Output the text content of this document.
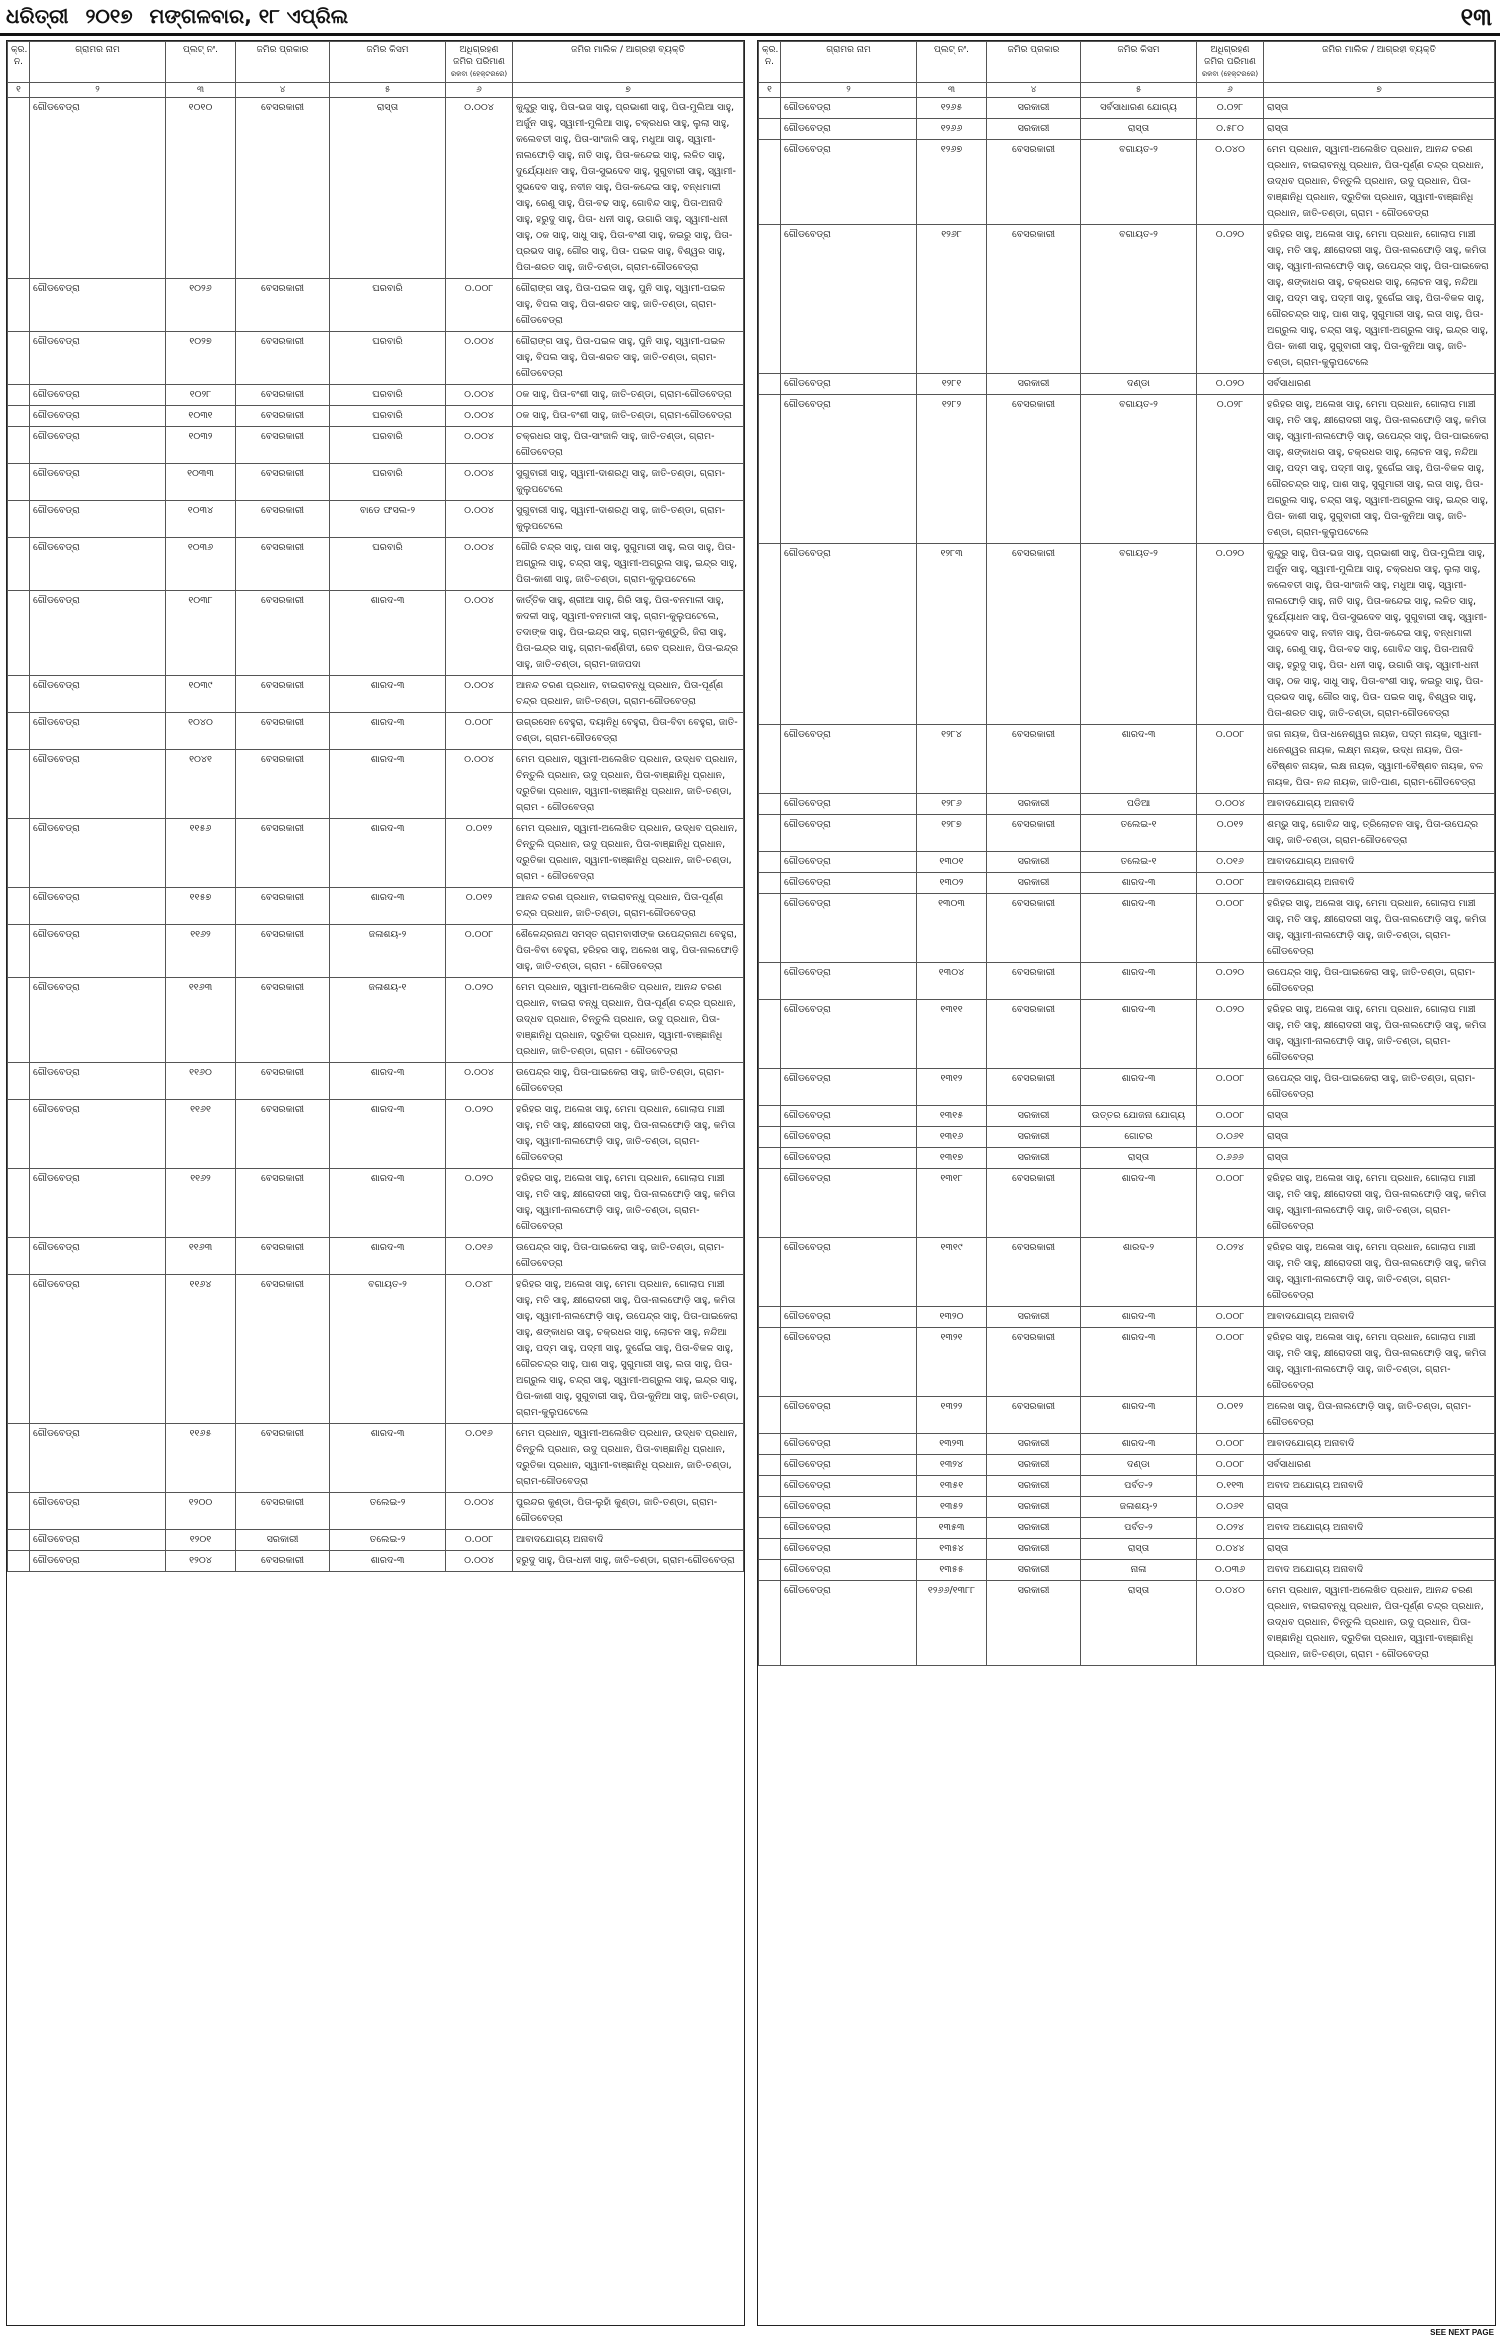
ଧରିତ୍ରୀ ୨୦୧୭ ମଙ୍ଗଳବାର, ୧୮ ଏପ୍ରିଲ	୧୩
କ୍ର. ନ.	ଗ୍ରାମର ନାମ	ପ୍ଲଟ୍ ନଂ.	ଜମିର ପ୍ରକାର	ଜମିର କିସମ	ଅଧିଗ୍ରହଣ ଜମିର ପରିମାଣ
ରକବା (ହେକ୍ଟରରେ)	ଜମିର ମାଲିକ / ଆଗ୍ରହୀ ବ୍ୟକ୍ତି
୧	୨	୩	୪	୫	୬	୭
	ଗୌଡବେଡ୍ରା	୧୦୧୦	ବେସରକାରୀ	ରାସ୍ତା	୦.୦୦୪	କୁନ୍ଦୁରୁ ସାହୁ, ପିତା-ଭଜ ସାହୁ, ପ୍ରଭାଶୀ ସାହୁ, ପିତା-ମୁଲିଆ ସାହୁ, ଅର୍ଜୁନ ସାହୁ, ସ୍ୱାମୀ-ମୁଲିଆ ସାହୁ, ଚକ୍ରଧର ସାହୁ, ଲୁଲା ସାହୁ, କଲେବତୀ ସାହୁ, ପିତା-ସାଂଜାଳି ସାହୁ, ମଧୁଆ ସାହୁ, ସ୍ୱାମୀ-ନାଲଫୋଡ଼ି ସାହୁ, ନାତି ସାହୁ, ପିତା-କନ୍ଦେଇ ସାହୁ, ଲଳିତ ସାହୁ, ଦୁର୍ଯ୍ୟୋଧନ ସାହୁ, ପିତା-ସୁଭଦେବ ସାହୁ, ସୁଗୁବାରୀ ସାହୁ, ସ୍ୱାମୀ-ସୁଭଦେବ ସାହୁ, ନବୀନ ସାହୁ, ପିତା-କନ୍ଦେଇ ସାହୁ, ବନ୍ଧମାଳୀ ସାହୁ, ରେଣୁ ସାହୁ, ପିତା-ବଢ ସାହୁ, ଗୋବିନ୍ଦ ସାହୁ, ପିତା-ଅନାଦି ସାହୁ, ହରୁଦୁ ସାହୁ, ପିତା- ଧନୀ ସାହୁ, ଉଗାରି ସାହୁ, ସ୍ୱାମୀ-ଧନୀ ସାହୁ, ଠକ ସାହୁ, ସାଧୁ ସାହୁ, ପିତା-ବଂଶୀ ସାହୁ, କଇରୁ ସାହୁ, ପିତା-ପ୍ରଭଦ ସାହୁ, ଗୌର ସାହୁ, ପିତା- ପଇଳ ସାହୁ, ବିଶ୍ୱର ସାହୁ, ପିତା-ଶରତ ସାହୁ, ଜାତି-ତଣ୍ଡା, ଗ୍ରାମ-ଗୌଡବେଡ୍ରା
	ଗୌଡବେଡ୍ରା	୧୦୨୬	ବେସରକାରୀ	ଘରବାରି	୦.୦୦୮	ଗୌରାଙ୍ଗ ସାହୁ, ପିତା-ପଇଳ ସାହୁ, ପୁନି ସାହୁ, ସ୍ୱାମୀ-ପଇଳ ସାହୁ, ବିପଲ ସାହୁ, ପିତା-ଶରତ ସାହୁ, ଜାତି-ତଣ୍ଡା, ଗ୍ରାମ-ଗୌଡବେଡ୍ରା
	ଗୌଡବେଡ୍ରା	୧୦୨୭	ବେସରକାରୀ	ଘରବାରି	୦.୦୦୪	ଗୌରାଙ୍ଗ ସାହୁ, ପିତା-ପଇଳ ସାହୁ, ପୁନି ସାହୁ, ସ୍ୱାମୀ-ପଇଳ ସାହୁ, ବିପଲ ସାହୁ, ପିତା-ଶରତ ସାହୁ, ଜାତି-ତଣ୍ଡା, ଗ୍ରାମ-ଗୌଡବେଡ୍ରା
	ଗୌଡବେଡ୍ରା	୧୦୨୮	ବେସରକାରୀ	ଘରବାରି	୦.୦୦୪	ଠକ ସାହୁ, ପିତା-ବଂଶୀ ସାହୁ, ଜାତି-ତଣ୍ଡା, ଗ୍ରାମ-ଗୌଡବେଡ୍ରା
	ଗୌଡବେଡ୍ରା	୧୦୩୧	ବେସରକାରୀ	ଘରବାରି	୦.୦୦୪	ଠକ ସାହୁ, ପିତା-ବଂଶୀ ସାହୁ, ଜାତି-ତଣ୍ଡା, ଗ୍ରାମ-ଗୌଡବେଡ୍ରା
	ଗୌଡବେଡ୍ରା	୧୦୩୨	ବେସରକାରୀ	ଘରବାରି	୦.୦୦୪	ଚକ୍ରଧର ସାହୁ, ପିତା-ସାଂଜାଳି ସାହୁ, ଜାତି-ତଣ୍ଡା, ଗ୍ରାମ-ଗୌଡବେଡ୍ରା
	ଗୌଡବେଡ୍ରା	୧୦୩୩	ବେସରକାରୀ	ଘରବାରି	୦.୦୦୪	ସୁଗୁବାରୀ ସାହୁ, ସ୍ୱାମୀ-ଦାଶରଥି ସାହୁ, ଜାତି-ତଣ୍ଡା, ଗ୍ରାମ- କୁଲୁପଟେଲେ
	ଗୌଡବେଡ୍ରା	୧୦୩୪	ବେସରକାରୀ	ବାଡେ ଫସଲ-୨	୦.୦୦୪	ସୁଗୁବାରୀ ସାହୁ, ସ୍ୱାମୀ-ଦାଶରଥି ସାହୁ, ଜାତି-ତଣ୍ଡା, ଗ୍ରାମ- କୁଲୁପଟେଲେ
	ଗୌଡବେଡ୍ରା	୧୦୩୬	ବେସରକାରୀ	ଘରବାରି	୦.୦୦୪	ଗୌରି ଚନ୍ଦ୍ର ସାହୁ, ପାଶ ସାହୁ, ସୁଗୁମାରୀ ସାହୁ, ଲତା ସାହୁ, ପିତା-ଅଗ୍ରୁଲ ସାହୁ, ଚନ୍ଦ୍ରା ସାହୁ, ସ୍ୱାମୀ-ଅଗ୍ରୁଲ ସାହୁ, ଇନ୍ଦ୍ର ସାହୁ, ପିତା-କାଶୀ ସାହୁ, ଜାତି-ତଣ୍ଡା, ଗ୍ରାମ-କୁଲୁପଟେଲେ
	ଗୌଡବେଡ୍ରା	୧୦୩୮	ବେସରକାରୀ	ଶାରଦ-୩	୦.୦୦୪	କାର୍ତ୍ତିକ ସାହୁ, ଶ୍ରୀଆ ସାହୁ, ଗିରି ସାହୁ, ପିତା-ବନମାଳୀ ସାହୁ, କଦଳୀ ସାହୁ, ସ୍ୱାମୀ-ବନମାଳୀ ସାହୁ, ଗ୍ରାମ-କୁଲୁପଟେଲେ, ତଦାଙ୍କ ସାହୁ, ପିତା-ଇନ୍ଦ୍ର ସାହୁ, ଗ୍ରାମ-କୁଣ୍ଡୁରି, ଜିରା ସାହୁ, ପିତା-ଇନ୍ଦ୍ର ସାହୁ, ଗ୍ରାମ-କର୍ଣ୍ଣିଦୀ, ରେବ ପ୍ରଧାନ, ପିତା-ଇନ୍ଦ୍ର ସାହୁ, ଜାତି-ତଣ୍ଡା, ଗ୍ରାମ-ଜାଜପଦା
	ଗୌଡବେଡ୍ରା	୧୦୩୯	ବେସରକାରୀ	ଶାରଦ-୩	୦.୦୦୪	ଆନନ୍ଦ ଚରଣ ପ୍ରଧାନ, ବାଇରାବନ୍ଧୁ ପ୍ରଧାନ, ପିତା-ପୂର୍ଣ୍ଣ ଚନ୍ଦ୍ର ପ୍ରଧାନ, ଜାତି-ତଣ୍ଡା, ଗ୍ରାମ-ଗୌଡବେଡ୍ରା
	ଗୌଡବେଡ୍ରା	୧୦୪୦	ବେସରକାରୀ	ଶାରଦ-୩	୦.୦୦୮	ଉଗ୍ରସେନ ବେହୁରା, ଦୟାନିଧି ବେହୁରା, ପିତା-ବିବା ବେହୁରା, ଜାତି-ତଣ୍ଡା, ଗ୍ରାମ-ଗୌଡବେଡ୍ରା
	ଗୌଡବେଡ୍ରା	୧୦୪୧	ବେସରକାରୀ	ଶାରଦ-୩	୦.୦୦୪	ମେମ ପ୍ରଧାନ, ସ୍ୱାମୀ-ଅଲେଖିତ ପ୍ରଧାନ, ଉଦ୍ଧବ ପ୍ରଧାନ, ଚିନ୍ତୁଲି ପ୍ରଧାନ, ଉଦୁ ପ୍ରଧାନ, ପିତା-ବାଞ୍ଛାନିଧି ପ୍ରଧାନ, ଦ୍ରୁତିକା ପ୍ରଧାନ, ସ୍ୱାମୀ-ବାଞ୍ଛାନିଧି ପ୍ରଧାନ, ଜାତି-ତଣ୍ଡା, ଗ୍ରାମ - ଗୌଡବେଡ୍ରା
	ଗୌଡବେଡ୍ରା	୧୧୫୬	ବେସରକାରୀ	ଶାରଦ-୩	୦.୦୧୨	ମେମ ପ୍ରଧାନ, ସ୍ୱାମୀ-ଅଲେଖିତ ପ୍ରଧାନ, ଉଦ୍ଧବ ପ୍ରଧାନ, ଚିନ୍ତୁଲି ପ୍ରଧାନ, ଉଦୁ ପ୍ରଧାନ, ପିତା-ବାଞ୍ଛାନିଧି ପ୍ରଧାନ, ଦ୍ରୁତିକା ପ୍ରଧାନ, ସ୍ୱାମୀ-ବାଞ୍ଛାନିଧି ପ୍ରଧାନ, ଜାତି-ତଣ୍ଡା, ଗ୍ରାମ - ଗୌଡବେଡ୍ରା
	ଗୌଡବେଡ୍ରା	୧୧୫୭	ବେସରକାରୀ	ଶାରଦ-୩	୦.୦୧୨	ଆନନ୍ଦ ଚରଣ ପ୍ରଧାନ, ବାଇରାବନ୍ଧୁ ପ୍ରଧାନ, ପିତା-ପୂର୍ଣ୍ଣ ଚନ୍ଦ୍ର ପ୍ରଧାନ, ଜାତି-ତଣ୍ଡା, ଗ୍ରାମ-ଗୌଡବେଡ୍ରା
	ଗୌଡବେଡ୍ରା	୧୧୬୨	ବେସରକାରୀ	ଜଳାଶୟ-୨	୦.୦୦୮	ଶୈଳେନ୍ଦ୍ରନାଥ ସମସ୍ତ ଗ୍ରାମବାସୀଙ୍କ ଉପେନ୍ଦ୍ରନାଥ ବେହୁରା, ପିତା-ବିବା ବେହୁରା, ହରିହର ସାହୁ, ଅଲେଖ ସାହୁ, ପିତା-ନାଲଫୋଡ଼ି ସାହୁ, ଜାତି-ତଣ୍ଡା, ଗ୍ରାମ - ଗୌଡବେଡ୍ରା
	ଗୌଡବେଡ୍ରା	୧୧୬୩	ବେସରକାରୀ	ଜଳାଶୟ-୧	୦.୦୨୦	ମେମ ପ୍ରଧାନ, ସ୍ୱାମୀ-ଅଲେଖିତ ପ୍ରଧାନ, ଆନନ୍ଦ ଚରଣ ପ୍ରଧାନ, ବାଇରା ବନ୍ଧୁ ପ୍ରଧାନ, ପିତା-ପୂର୍ଣ୍ଣ ଚନ୍ଦ୍ର ପ୍ରଧାନ, ଉଦ୍ଧବ ପ୍ରଧାନ, ଚିନ୍ତୁଲି ପ୍ରଧାନ, ଉଦୁ ପ୍ରଧାନ, ପିତା-ବାଞ୍ଛାନିଧି ପ୍ରଧାନ, ଦ୍ରୁତିକା ପ୍ରଧାନ, ସ୍ୱାମୀ-ବାଞ୍ଛାନିଧି ପ୍ରଧାନ, ଜାତି-ତଣ୍ଡା, ଗ୍ରାମ - ଗୌଡବେଡ୍ରା
	ଗୌଡବେଡ୍ରା	୧୧୬୦	ବେସରକାରୀ	ଶାରଦ-୩	୦.୦୦୪	ଉପେନ୍ଦ୍ର ସାହୁ, ପିତା-ପାଇକେରା ସାହୁ, ଜାତି-ତଣ୍ଡା, ଗ୍ରାମ-ଗୌଡବେଡ୍ରା
	ଗୌଡବେଡ୍ରା	୧୧୬୧	ବେସରକାରୀ	ଶାରଦ-୩	୦.୦୨୦	ହରିହର ସାହୁ, ଅଲେଖ ସାହୁ, ମେମା ପ୍ରଧାନ, ଗୋଲାପ ମାଞ୍ଚୀ ସାହୁ, ମତି ସାହୁ, କ୍ଷୀରୋଦରୀ ସାହୁ, ପିତା-ନାଲଫୋଡ଼ି ସାହୁ, କମିତା ସାହୁ, ସ୍ୱାମୀ-ନାଲଫୋଡ଼ି ସାହୁ, ଜାତି-ତଣ୍ଡା, ଗ୍ରାମ-ଗୌଡବେଡ୍ରା
	ଗୌଡବେଡ୍ରା	୧୧୬୨	ବେସରକାରୀ	ଶାରଦ-୩	୦.୦୨୦	ହରିହର ସାହୁ, ଅଲେଖ ସାହୁ, ମେମା ପ୍ରଧାନ, ଗୋଲାପ ମାଞ୍ଚୀ ସାହୁ, ମତି ସାହୁ, କ୍ଷୀରୋଦରୀ ସାହୁ, ପିତା-ନାଲଫୋଡ଼ି ସାହୁ, କମିତା ସାହୁ, ସ୍ୱାମୀ-ନାଲଫୋଡ଼ି ସାହୁ, ଜାତି-ତଣ୍ଡା, ଗ୍ରାମ-ଗୌଡବେଡ୍ରା
	ଗୌଡବେଡ୍ରା	୧୧୬୩	ବେସରକାରୀ	ଶାରଦ-୩	୦.୦୧୬	ଉପେନ୍ଦ୍ର ସାହୁ, ପିତା-ପାଇକେରା ସାହୁ, ଜାତି-ତଣ୍ଡା, ଗ୍ରାମ-ଗୌଡବେଡ୍ରା
	ଗୌଡବେଡ୍ରା	୧୧୬୪	ବେସରକାରୀ	ବଗାୟତ-୨	୦.୦୪୮	ହରିହର ସାହୁ, ଅଲେଖ ସାହୁ, ମେମା ପ୍ରଧାନ, ଗୋଲାପ ମାଞ୍ଚୀ ସାହୁ, ମତି ସାହୁ, କ୍ଷୀରୋଦରୀ ସାହୁ, ପିତା-ନାଲଫୋଡ଼ି ସାହୁ, କମିତା ସାହୁ, ସ୍ୱାମୀ-ନାଲଫୋଡ଼ି ସାହୁ, ଉପେନ୍ଦ୍ର ସାହୁ, ପିତା-ପାଇକେରା ସାହୁ, ଶଙ୍କାଧର ସାହୁ, ଚକ୍ରଧର ସାହୁ, ଲୋଚନ ସାହୁ, ନନ୍ଦିଆ ସାହୁ, ପଦ୍ମ ସାହୁ, ପଦ୍ମୀ ସାହୁ, ଦୁର୍ଗେଇ ସାହୁ, ପିତା-ବିକଳ ସାହୁ, ଗୌରଚନ୍ଦ୍ର ସାହୁ, ପାଶ ସାହୁ, ସୁଗୁମାରୀ ସାହୁ, ଲତା ସାହୁ, ପିତା-ଅଗ୍ରୁଲ ସାହୁ, ଚନ୍ଦ୍ରା ସାହୁ, ସ୍ୱାମୀ-ଅଗ୍ରୁଲ ସାହୁ, ଇନ୍ଦ୍ର ସାହୁ, ପିତା-କାଶୀ ସାହୁ, ସୁଗୁବାରୀ ସାହୁ, ପିତା-କୁନିଆ ସାହୁ, ଜାତି-ତଣ୍ଡା, ଗ୍ରାମ-କୁଲୁପଟେଲେ
	ଗୌଡବେଡ୍ରା	୧୧୬୫	ବେସରକାରୀ	ଶାରଦ-୩	୦.୦୧୬	ମେମ ପ୍ରଧାନ, ସ୍ୱାମୀ-ଅଲେଖିତ ପ୍ରଧାନ, ଉଦ୍ଧବ ପ୍ରଧାନ, ଚିନ୍ତୁଲି ପ୍ରଧାନ, ଉଦୁ ପ୍ରଧାନ, ପିତା-ବାଞ୍ଛାନିଧି ପ୍ରଧାନ, ଦ୍ରୁତିକା ପ୍ରଧାନ, ସ୍ୱାମୀ-ବାଞ୍ଛାନିଧି ପ୍ରଧାନ, ଜାତି-ତଣ୍ଡା, ଗ୍ରାମ-ଗୌଡବେଡ୍ରା
	ଗୌଡବେଡ୍ରା	୧୨୦୦	ବେସରକାରୀ	ତଲେଇ-୨	୦.୦୦୪	ପୁରନ୍ଦର କୁଣ୍ଡା, ପିତା-ଲୁହାଁ କୁଣ୍ଡା, ଜାତି-ତଣ୍ଡା, ଗ୍ରାମ-ଗୌଡବେଡ୍ରା
	ଗୌଡବେଡ୍ରା	୧୨୦୧	ସରକାରୀ	ତଲେଇ-୨	୦.୦୦୮	ଆବାଦଯୋଗ୍ୟ ଅନାବାଦି
	ଗୌଡବେଡ୍ରା	୧୨୦୪	ବେସରକାରୀ	ଶାରଦ-୩	୦.୦୦୪	ହରୁଦୁ ସାହୁ, ପିତା-ଧନୀ ସାହୁ, ଜାତି-ତଣ୍ଡା, ଗ୍ରାମ-ଗୌଡବେଡ୍ରା
କ୍ର. ନ.	ଗ୍ରାମର ନାମ	ପ୍ଲଟ୍ ନଂ.	ଜମିର ପ୍ରକାର	ଜମିର କିସମ	ଅଧିଗ୍ରହଣ ଜମିର ପରିମାଣ
ରକବା (ହେକ୍ଟରରେ)	ଜମିର ମାଲିକ / ଆଗ୍ରହୀ ବ୍ୟକ୍ତି
୧	୨	୩	୪	୫	୬	୭
	ଗୌଡବେଡ୍ରା	୧୨୬୫	ସରକାରୀ	ସର୍ବସାଧାରଣ ଯୋଗ୍ୟ	୦.୦୨୮	ରାସ୍ତା
	ଗୌଡବେଡ୍ରା	୧୨୬୬	ସରକାରୀ	ରାସ୍ତା	୦.୫୮୦	ରାସ୍ତା
	ଗୌଡବେଡ୍ରା	୧୨୬୭	ବେସରକାରୀ	ବଗାୟତ-୨	୦.୦୪୦	ମେମ ପ୍ରଧାନ, ସ୍ୱାମୀ-ଅଲେଖିତ ପ୍ରଧାନ, ଆନନ୍ଦ ଚରଣ ପ୍ରଧାନ, ବାଇରାବନ୍ଧୁ ପ୍ରଧାନ, ପିତା-ପୂର୍ଣ୍ଣ ଚନ୍ଦ୍ର ପ୍ରଧାନ, ଉଦ୍ଧବ ପ୍ରଧାନ, ଚିନ୍ତୁଲି ପ୍ରଧାନ, ଉଦୁ ପ୍ରଧାନ, ପିତା-ବାଞ୍ଛାନିଧି ପ୍ରଧାନ, ଦ୍ରୁତିକା ପ୍ରଧାନ, ସ୍ୱାମୀ-ବାଞ୍ଛାନିଧି ପ୍ରଧାନ, ଜାତି-ତଣ୍ଡା, ଗ୍ରାମ - ଗୌଡବେଡ୍ରା
	ଗୌଡବେଡ୍ରା	୧୨୬୮	ବେସରକାରୀ	ବଗାୟତ-୨	୦.୦୨୦	ହରିହର ସାହୁ, ଅଲେଖ ସାହୁ, ମେମା ପ୍ରଧାନ, ଗୋଲାପ ମାଞ୍ଚୀ ସାହୁ, ମତି ସାହୁ, କ୍ଷୀରୋଦରୀ ସାହୁ, ପିତା-ନାଲଫୋଡ଼ି ସାହୁ, କମିତା ସାହୁ, ସ୍ୱାମୀ-ନାଲଫୋଡ଼ି ସାହୁ, ଉପେନ୍ଦ୍ର ସାହୁ, ପିତା-ପାଇକେରା ସାହୁ, ଶଙ୍କାଧର ସାହୁ, ଚକ୍ରଧର ସାହୁ, ଲୋଚନ ସାହୁ, ନନ୍ଦିଆ ସାହୁ, ପଦ୍ମ ସାହୁ, ପଦ୍ମୀ ସାହୁ, ଦୁର୍ଗେଇ ସାହୁ, ପିତା-ବିକଳ ସାହୁ, ଗୌରଚନ୍ଦ୍ର ସାହୁ, ପାଶ ସାହୁ, ସୁଗୁମାରୀ ସାହୁ, ଲତା ସାହୁ, ପିତା-ଅଗ୍ରୁଲ ସାହୁ, ଚନ୍ଦ୍ରା ସାହୁ, ସ୍ୱାମୀ-ଅଗ୍ରୁଲ ସାହୁ, ଇନ୍ଦ୍ର ସାହୁ, ପିତା- କାଶୀ ସାହୁ, ସୁଗୁବାରୀ ସାହୁ, ପିତା-କୁନିଆ ସାହୁ, ଜାତି-ତଣ୍ଡା, ଗ୍ରାମ-କୁଲୁପଟେଲେ
	ଗୌଡବେଡ୍ରା	୧୨୮୧	ସରକାରୀ	ଦଣ୍ଡା	୦.୦୨୦	ସର୍ବସାଧାରଣ
	ଗୌଡବେଡ୍ରା	୧୨୮୨	ବେସରକାରୀ	ବଗାୟତ-୨	୦.୦୨୮	ହରିହର ସାହୁ, ଅଲେଖ ସାହୁ, ମେମା ପ୍ରଧାନ, ଗୋଲାପ ମାଞ୍ଚୀ ସାହୁ, ମତି ସାହୁ, କ୍ଷୀରୋଦରୀ ସାହୁ, ପିତା-ନାଲଫୋଡ଼ି ସାହୁ, କମିତା ସାହୁ, ସ୍ୱାମୀ-ନାଲଫୋଡ଼ି ସାହୁ, ଉପେନ୍ଦ୍ର ସାହୁ, ପିତା-ପାଇକେରା ସାହୁ, ଶଙ୍କାଧର ସାହୁ, ଚକ୍ରଧର ସାହୁ, ଲୋଚନ ସାହୁ, ନନ୍ଦିଆ ସାହୁ, ପଦ୍ମ ସାହୁ, ପଦ୍ମୀ ସାହୁ, ଦୁର୍ଗେଇ ସାହୁ, ପିତା-ବିକଳ ସାହୁ, ଗୌରଚନ୍ଦ୍ର ସାହୁ, ପାଶ ସାହୁ, ସୁଗୁମାରୀ ସାହୁ, ଲତା ସାହୁ, ପିତା-ଅଗ୍ରୁଲ ସାହୁ, ଚନ୍ଦ୍ରା ସାହୁ, ସ୍ୱାମୀ-ଅଗ୍ରୁଲ ସାହୁ, ଇନ୍ଦ୍ର ସାହୁ, ପିତା- କାଶୀ ସାହୁ, ସୁଗୁବାରୀ ସାହୁ, ପିତା-କୁନିଆ ସାହୁ, ଜାତି-ତଣ୍ଡା, ଗ୍ରାମ-କୁଲୁପଟେଲେ
	ଗୌଡବେଡ୍ରା	୧୨୮୩	ବେସରକାରୀ	ବଗାୟତ-୨	୦.୦୨୦	କୁନ୍ଦୁରୁ ସାହୁ, ପିତା-ଭଜ ସାହୁ, ପ୍ରଭାଶୀ ସାହୁ, ପିତା-ମୁଲିଆ ସାହୁ, ଅର୍ଜୁନ ସାହୁ, ସ୍ୱାମୀ-ମୁଲିଆ ସାହୁ, ଚକ୍ରଧର ସାହୁ, ଲୁଲା ସାହୁ, କଲେବତୀ ସାହୁ, ପିତା-ସାଂଜାଳି ସାହୁ, ମଧୁଆ ସାହୁ, ସ୍ୱାମୀ-ନାଲଫୋଡ଼ି ସାହୁ, ନାତି ସାହୁ, ପିତା-କନ୍ଦେଇ ସାହୁ, ଲଳିତ ସାହୁ, ଦୁର୍ଯ୍ୟୋଧନ ସାହୁ, ପିତା-ସୁଭଦେବ ସାହୁ, ସୁଗୁବାରୀ ସାହୁ, ସ୍ୱାମୀ-ସୁଭଦେବ ସାହୁ, ନବୀନ ସାହୁ, ପିତା-କନ୍ଦେଇ ସାହୁ, ବନ୍ଧମାଳୀ ସାହୁ, ରେଣୁ ସାହୁ, ପିତା-ବଢ ସାହୁ, ଗୋବିନ୍ଦ ସାହୁ, ପିତା-ଅନାଦି ସାହୁ, ହରୁଦୁ ସାହୁ, ପିତା- ଧନୀ ସାହୁ, ଉଗାରି ସାହୁ, ସ୍ୱାମୀ-ଧନୀ ସାହୁ, ଠକ ସାହୁ, ସାଧୁ ସାହୁ, ପିତା-ବଂଶୀ ସାହୁ, କଇରୁ ସାହୁ, ପିତା-ପ୍ରଭଦ ସାହୁ, ଗୌର ସାହୁ, ପିତା- ପଇଳ ସାହୁ, ବିଶ୍ୱର ସାହୁ, ପିତା-ଶରତ ସାହୁ, ଜାତି-ତଣ୍ଡା, ଗ୍ରାମ-ଗୌଡବେଡ୍ରା
	ଗୌଡବେଡ୍ରା	୧୨୮୪	ବେସରକାରୀ	ଶାରଦ-୩	୦.୦୦୮	ଜଗ ନାୟକ, ପିତା-ଧନେଶ୍ୱର ନାୟକ, ପଦ୍ମ ନାୟକ, ସ୍ୱାମୀ-ଧନେଶ୍ୱର ନାୟକ, ଲକ୍ଷ୍ମ ନାୟକ, ଉଦ୍ଧ ନାୟକ, ପିତା- ବୈଷ୍ଣବ ନାୟକ, ଲକ୍ଷ ନାୟକ, ସ୍ୱାମୀ-ବୈଷ୍ଣବ ନାୟକ, ବଳ ନାୟକ, ପିତା- ନନ୍ଦ ନାୟକ, ଜାତି-ପାଣ, ଗ୍ରାମ-ଗୌଡବେଡ୍ରା
	ଗୌଡବେଡ୍ରା	୧୨୮୬	ସରକାରୀ	ପଡିଆ	୦.୦୦୪	ଆବାଦଯୋଗ୍ୟ ଅନାବାଦି
	ଗୌଡବେଡ୍ରା	୧୨୮୭	ବେସରକାରୀ	ତଲେଇ-୧	୦.୦୧୨	ଶମ୍ଭୁ ସାହୁ, ଗୋବିନ୍ଦ ସାହୁ, ତ୍ରିଲୋଚନ ସାହୁ, ପିତା-ଉପେନ୍ଦ୍ର ସାହୁ, ଜାତି-ତଣ୍ଡା, ଗ୍ରାମ-ଗୌଡବେଡ୍ରା
	ଗୌଡବେଡ୍ରା	୧୩୦୧	ସରକାରୀ	ତଲେଇ-୧	୦.୦୧୬	ଆବାଦଯୋଗ୍ୟ ଅନାବାଦି
	ଗୌଡବେଡ୍ରା	୧୩୦୨	ସରକାରୀ	ଶାରଦ-୩	୦.୦୦୮	ଆବାଦଯୋଗ୍ୟ ଅନାବାଦି
	ଗୌଡବେଡ୍ରା	୧୩୦୩	ବେସରକାରୀ	ଶାରଦ-୩	୦.୦୦୮	ହରିହର ସାହୁ, ଅଲେଖ ସାହୁ, ମେମା ପ୍ରଧାନ, ଗୋଲାପ ମାଞ୍ଚୀ ସାହୁ, ମତି ସାହୁ, କ୍ଷୀରୋଦରୀ ସାହୁ, ପିତା-ନାଲଫୋଡ଼ି ସାହୁ, କମିତା ସାହୁ, ସ୍ୱାମୀ-ନାଲଫୋଡ଼ି ସାହୁ, ଜାତି-ତଣ୍ଡା, ଗ୍ରାମ-ଗୌଡବେଡ୍ରା
	ଗୌଡବେଡ୍ରା	୧୩୦୪	ବେସରକାରୀ	ଶାରଦ-୩	୦.୦୨୦	ଉପେନ୍ଦ୍ର ସାହୁ, ପିତା-ପାଇକେରା ସାହୁ, ଜାତି-ତଣ୍ଡା, ଗ୍ରାମ-ଗୌଡବେଡ୍ରା
	ଗୌଡବେଡ୍ରା	୧୩୧୧	ବେସରକାରୀ	ଶାରଦ-୩	୦.୦୨୦	ହରିହର ସାହୁ, ଅଲେଖ ସାହୁ, ମେମା ପ୍ରଧାନ, ଗୋଲାପ ମାଞ୍ଚୀ ସାହୁ, ମତି ସାହୁ, କ୍ଷୀରୋଦରୀ ସାହୁ, ପିତା-ନାଲଫୋଡ଼ି ସାହୁ, କମିତା ସାହୁ, ସ୍ୱାମୀ-ନାଲଫୋଡ଼ି ସାହୁ, ଜାତି-ତଣ୍ଡା, ଗ୍ରାମ-ଗୌଡବେଡ୍ରା
	ଗୌଡବେଡ୍ରା	୧୩୧୨	ବେସରକାରୀ	ଶାରଦ-୩	୦.୦୦୮	ଉପେନ୍ଦ୍ର ସାହୁ, ପିତା-ପାଇକେରା ସାହୁ, ଜାତି-ତଣ୍ଡା, ଗ୍ରାମ-ଗୌଡବେଡ୍ରା
	ଗୌଡବେଡ୍ରା	୧୩୧୫	ସରକାରୀ	ଉତ୍ତର ଯୋଜନା ଯୋଗ୍ୟ	୦.୦୦୮	ରାସ୍ତା
	ଗୌଡବେଡ୍ରା	୧୩୧୬	ସରକାରୀ	ଗୋଚର	୦.୦୬୧	ରାସ୍ତା
	ଗୌଡବେଡ୍ରା	୧୩୧୭	ସରକାରୀ	ରାସ୍ତା	୦.୬୬୬	ରାସ୍ତା
	ଗୌଡବେଡ୍ରା	୧୩୧୮	ବେସରକାରୀ	ଶାରଦ-୩	୦.୦୦୮	ହରିହର ସାହୁ, ଅଲେଖ ସାହୁ, ମେମା ପ୍ରଧାନ, ଗୋଲାପ ମାଞ୍ଚୀ ସାହୁ, ମତି ସାହୁ, କ୍ଷୀରୋଦରୀ ସାହୁ, ପିତା-ନାଲଫୋଡ଼ି ସାହୁ, କମିତା ସାହୁ, ସ୍ୱାମୀ-ନାଲଫୋଡ଼ି ସାହୁ, ଜାତି-ତଣ୍ଡା, ଗ୍ରାମ-ଗୌଡବେଡ୍ରା
	ଗୌଡବେଡ୍ରା	୧୩୧୯	ବେସରକାରୀ	ଶାରଦ-୨	୦.୦୨୪	ହରିହର ସାହୁ, ଅଲେଖ ସାହୁ, ମେମା ପ୍ରଧାନ, ଗୋଲାପ ମାଞ୍ଚୀ ସାହୁ, ମତି ସାହୁ, କ୍ଷୀରୋଦରୀ ସାହୁ, ପିତା-ନାଲଫୋଡ଼ି ସାହୁ, କମିତା ସାହୁ, ସ୍ୱାମୀ-ନାଲଫୋଡ଼ି ସାହୁ, ଜାତି-ତଣ୍ଡା, ଗ୍ରାମ-ଗୌଡବେଡ୍ରା
	ଗୌଡବେଡ୍ରା	୧୩୨୦	ସରକାରୀ	ଶାରଦ-୩	୦.୦୦୮	ଆବାଦଯୋଗ୍ୟ ଅନାବାଦି
	ଗୌଡବେଡ୍ରା	୧୩୨୧	ବେସରକାରୀ	ଶାରଦ-୩	୦.୦୦୮	ହରିହର ସାହୁ, ଅଲେଖ ସାହୁ, ମେମା ପ୍ରଧାନ, ଗୋଲାପ ମାଞ୍ଚୀ ସାହୁ, ମତି ସାହୁ, କ୍ଷୀରୋଦରୀ ସାହୁ, ପିତା-ନାଲଫୋଡ଼ି ସାହୁ, କମିତା ସାହୁ, ସ୍ୱାମୀ-ନାଲଫୋଡ଼ି ସାହୁ, ଜାତି-ତଣ୍ଡା, ଗ୍ରାମ-ଗୌଡବେଡ୍ରା
	ଗୌଡବେଡ୍ରା	୧୩୨୨	ବେସରକାରୀ	ଶାରଦ-୩	୦.୦୧୨	ଅଲେଖ ସାହୁ, ପିତା-ନାଲଫୋଡ଼ି ସାହୁ, ଜାତି-ତଣ୍ଡା, ଗ୍ରାମ-ଗୌଡବେଡ୍ରା
	ଗୌଡବେଡ୍ରା	୧୩୨୩	ସରକାରୀ	ଶାରଦ-୩	୦.୦୦୮	ଆବାଦଯୋଗ୍ୟ ଅନାବାଦି
	ଗୌଡବେଡ୍ରା	୧୩୨୪	ସରକାରୀ	ଦଣ୍ଡା	୦.୦୦୮	ସର୍ବସାଧାରଣ
	ଗୌଡବେଡ୍ରା	୧୩୫୧	ସରକାରୀ	ପର୍ବତ-୨	୦.୧୧୩	ଅବାଦ ଅଯୋଗ୍ୟ ଅନାବାଦି
	ଗୌଡବେଡ୍ରା	୧୩୫୨	ସରକାରୀ	ଜଳାଶୟ-୨	୦.୦୬୧	ରାସ୍ତା
	ଗୌଡବେଡ୍ରା	୧୩୫୩	ସରକାରୀ	ପର୍ବତ-୨	୦.୦୨୪	ଅବାଦ ଅଯୋଗ୍ୟ ଅନାବାଦି
	ଗୌଡବେଡ୍ରା	୧୩୫୪	ସରକାରୀ	ରାସ୍ତା	୦.୦୪୪	ରାସ୍ତା
	ଗୌଡବେଡ୍ରା	୧୩୫୫	ସରକାରୀ	ନାଳା	୦.୦୩୬	ଅବାଦ ଅଯୋଗ୍ୟ ଅନାବାଦି
	ଗୌଡବେଡ୍ରା	୧୨୬୬/୧୩୮୮	ସରକାରୀ	ରାସ୍ତା	୦.୦୪୦	ମେମ ପ୍ରଧାନ, ସ୍ୱାମୀ-ଅଲେଖିତ ପ୍ରଧାନ, ଆନନ୍ଦ ଚରଣ ପ୍ରଧାନ, ବାଇରାବନ୍ଧୁ ପ୍ରଧାନ, ପିତା-ପୂର୍ଣ୍ଣ ଚନ୍ଦ୍ର ପ୍ରଧାନ, ଉଦ୍ଧବ ପ୍ରଧାନ, ଚିନ୍ତୁଲି ପ୍ରଧାନ, ଉଦୁ ପ୍ରଧାନ, ପିତା-ବାଞ୍ଛାନିଧି ପ୍ରଧାନ, ଦ୍ରୁତିକା ପ୍ରଧାନ, ସ୍ୱାମୀ-ବାଞ୍ଛାନିଧି ପ୍ରଧାନ, ଜାତି-ତଣ୍ଡା, ଗ୍ରାମ - ଗୌଡବେଡ୍ରା
SEE NEXT PAGE
